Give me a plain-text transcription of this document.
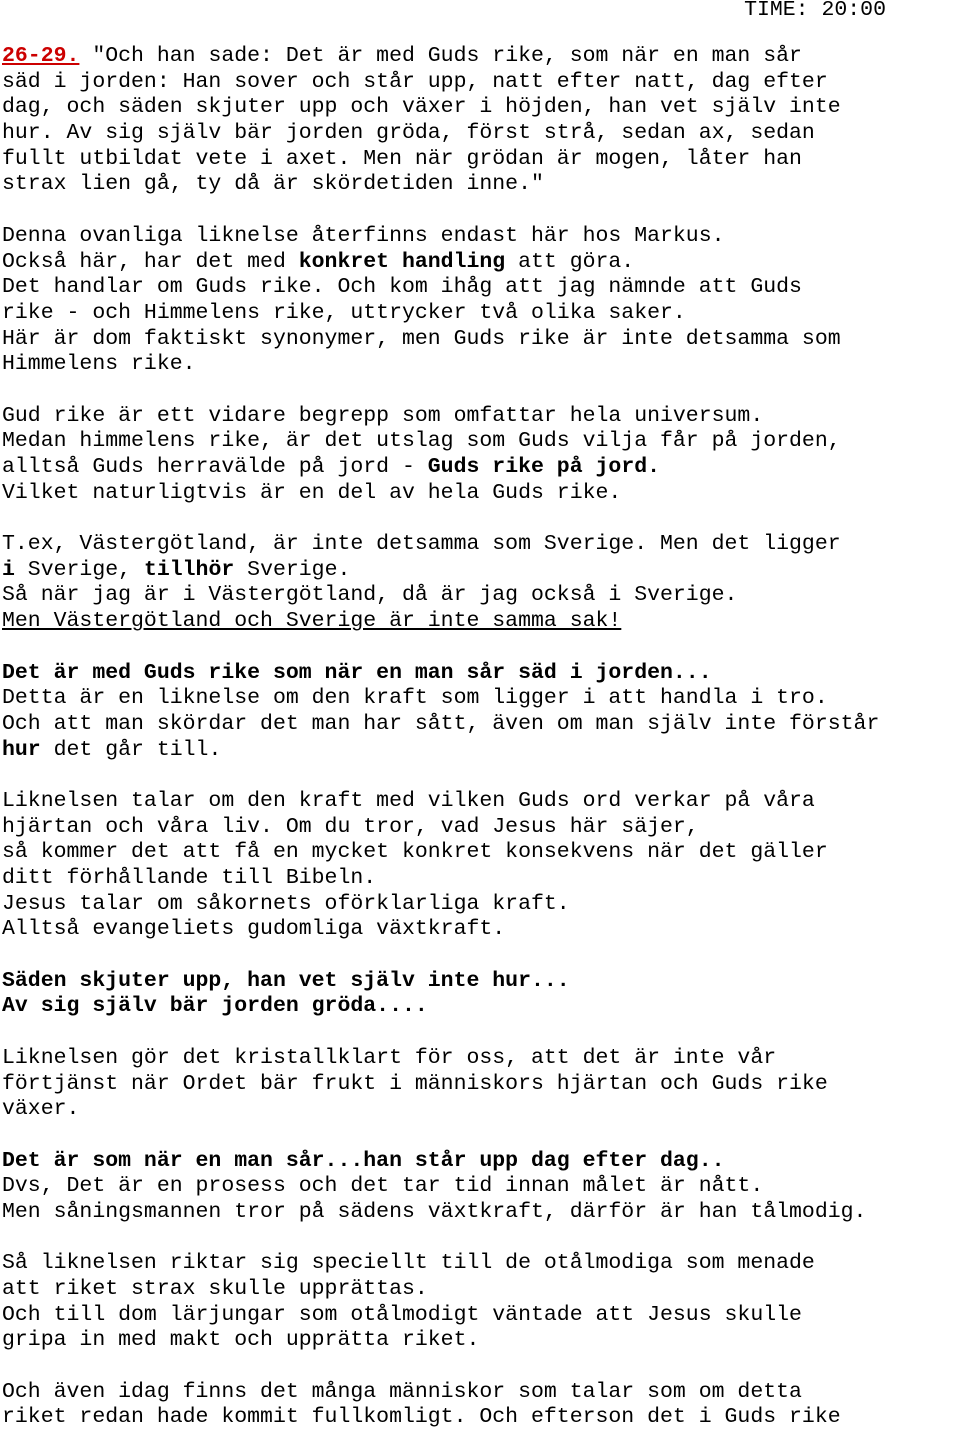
TIME: 20:00
26-29. "Och han sade: Det är med Guds rike, som när en man sår
säd i jorden: Han sover och står upp, natt efter natt, dag efter
dag, och säden skjuter upp och växer i höjden, han vet själv inte
hur. Av sig själv bär jorden gröda, först strå, sedan ax, sedan
fullt utbildat vete i axet. Men när grödan är mogen, låter han
strax lien gå, ty då är skördetiden inne."
Denna ovanliga liknelse återfinns endast här hos Markus.
Också här, har det med konkret handling att göra.
Det handlar om Guds rike. Och kom ihåg att jag nämnde att Guds
rike - och Himmelens rike, uttrycker två olika saker.
Här är dom faktiskt synonymer, men Guds rike är inte detsamma som
Himmelens rike.
Gud rike är ett vidare begrepp som omfattar hela universum.
Medan himmelens rike, är det utslag som Guds vilja får på jorden,
alltså Guds herravälde på jord - Guds rike på jord.
Vilket naturligtvis är en del av hela Guds rike.
T.ex, Västergötland, är inte detsamma som Sverige. Men det ligger
i Sverige, tillhör Sverige.
Så när jag är i Västergötland, då är jag också i Sverige.
Men Västergötland och Sverige är inte samma sak!
Det är med Guds rike som när en man sår säd i jorden...
Detta är en liknelse om den kraft som ligger i att handla i tro.
Och att man skördar det man har sått, även om man själv inte förstår
hur det går till.
Liknelsen talar om den kraft med vilken Guds ord verkar på våra
hjärtan och våra liv. Om du tror, vad Jesus här säjer,
så kommer det att få en mycket konkret konsekvens när det gäller
ditt förhållande till Bibeln.
Jesus talar om såkornets oförklarliga kraft.
Alltså evangeliets gudomliga växtkraft.
Säden skjuter upp, han vet själv inte hur...
Av sig själv bär jorden gröda....
Liknelsen gör det kristallklart för oss, att det är inte vår
förtjänst när Ordet bär frukt i människors hjärtan och Guds rike
växer.
Det är som när en man sår...han står upp dag efter dag..
Dvs, Det är en prosess och det tar tid innan målet är nått.
Men såningsmannen tror på sädens växtkraft, därför är han tålmodig.
Så liknelsen riktar sig speciellt till de otålmodiga som menade
att riket strax skulle upprättas.
Och till dom lärjungar som otålmodigt väntade att Jesus skulle
gripa in med makt och upprätta riket.
Och även idag finns det många människor som talar som om detta
riket redan hade kommit fullkomligt. Och efterson det i Guds rike
